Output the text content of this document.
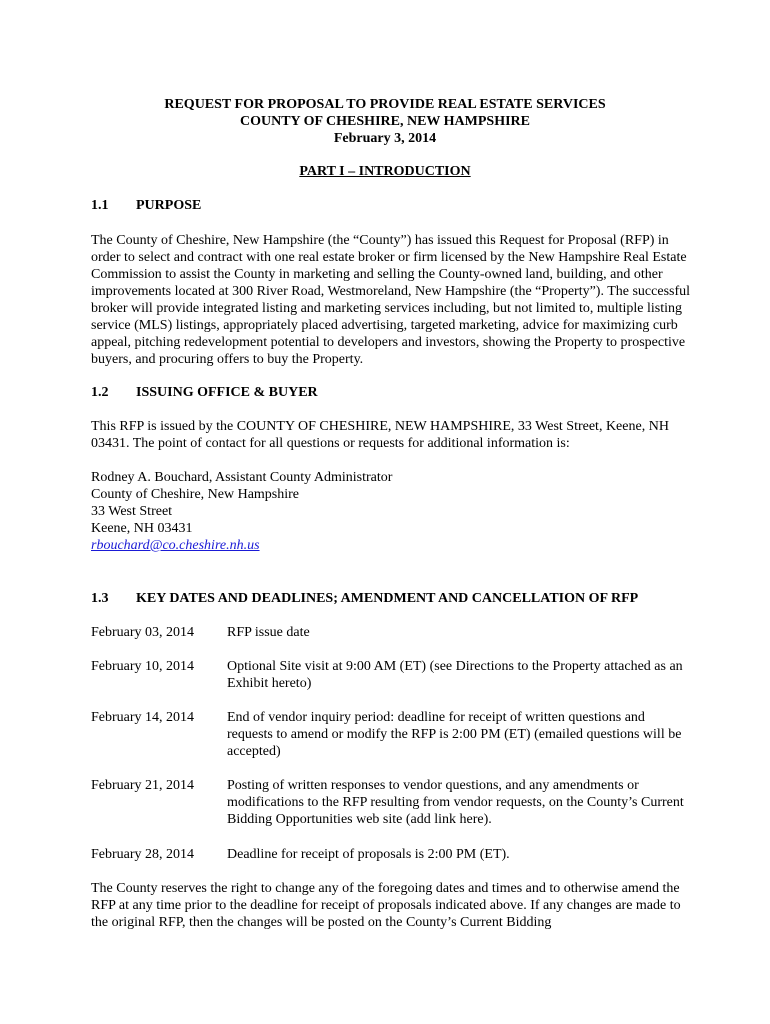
REQUEST FOR PROPOSAL TO PROVIDE REAL ESTATE SERVICES
COUNTY OF CHESHIRE, NEW HAMPSHIRE
February 3, 2014
PART I – INTRODUCTION
1.1 PURPOSE
The County of Cheshire, New Hampshire (the “County”) has issued this Request for Proposal (RFP) in order to select and contract with one real estate broker or firm licensed by the New Hampshire Real Estate Commission to assist the County in marketing and selling the County-owned land, building, and other improvements located at 300 River Road, Westmoreland, New Hampshire (the “Property”). The successful broker will provide integrated listing and marketing services including, but not limited to, multiple listing service (MLS) listings, appropriately placed advertising, targeted marketing, advice for maximizing curb appeal, pitching redevelopment potential to developers and investors, showing the Property to prospective buyers, and procuring offers to buy the Property.
1.2 ISSUING OFFICE & BUYER
This RFP is issued by the COUNTY OF CHESHIRE, NEW HAMPSHIRE, 33 West Street, Keene, NH 03431. The point of contact for all questions or requests for additional information is:
Rodney A. Bouchard, Assistant County Administrator
County of Cheshire, New Hampshire
33 West Street
Keene, NH 03431
rbouchard@co.cheshire.nh.us
1.3 KEY DATES AND DEADLINES; AMENDMENT AND CANCELLATION OF RFP
February 03, 2014	RFP issue date
February 10, 2014	Optional Site visit at 9:00 AM (ET) (see Directions to the Property attached as an Exhibit hereto)
February 14, 2014	End of vendor inquiry period: deadline for receipt of written questions and requests to amend or modify the RFP is 2:00 PM (ET) (emailed questions will be accepted)
February 21, 2014	Posting of written responses to vendor questions, and any amendments or modifications to the RFP resulting from vendor requests, on the County’s Current Bidding Opportunities web site (add link here).
February 28, 2014	Deadline for receipt of proposals is 2:00 PM (ET).
The County reserves the right to change any of the foregoing dates and times and to otherwise amend the RFP at any time prior to the deadline for receipt of proposals indicated above. If any changes are made to the original RFP, then the changes will be posted on the County’s Current Bidding
